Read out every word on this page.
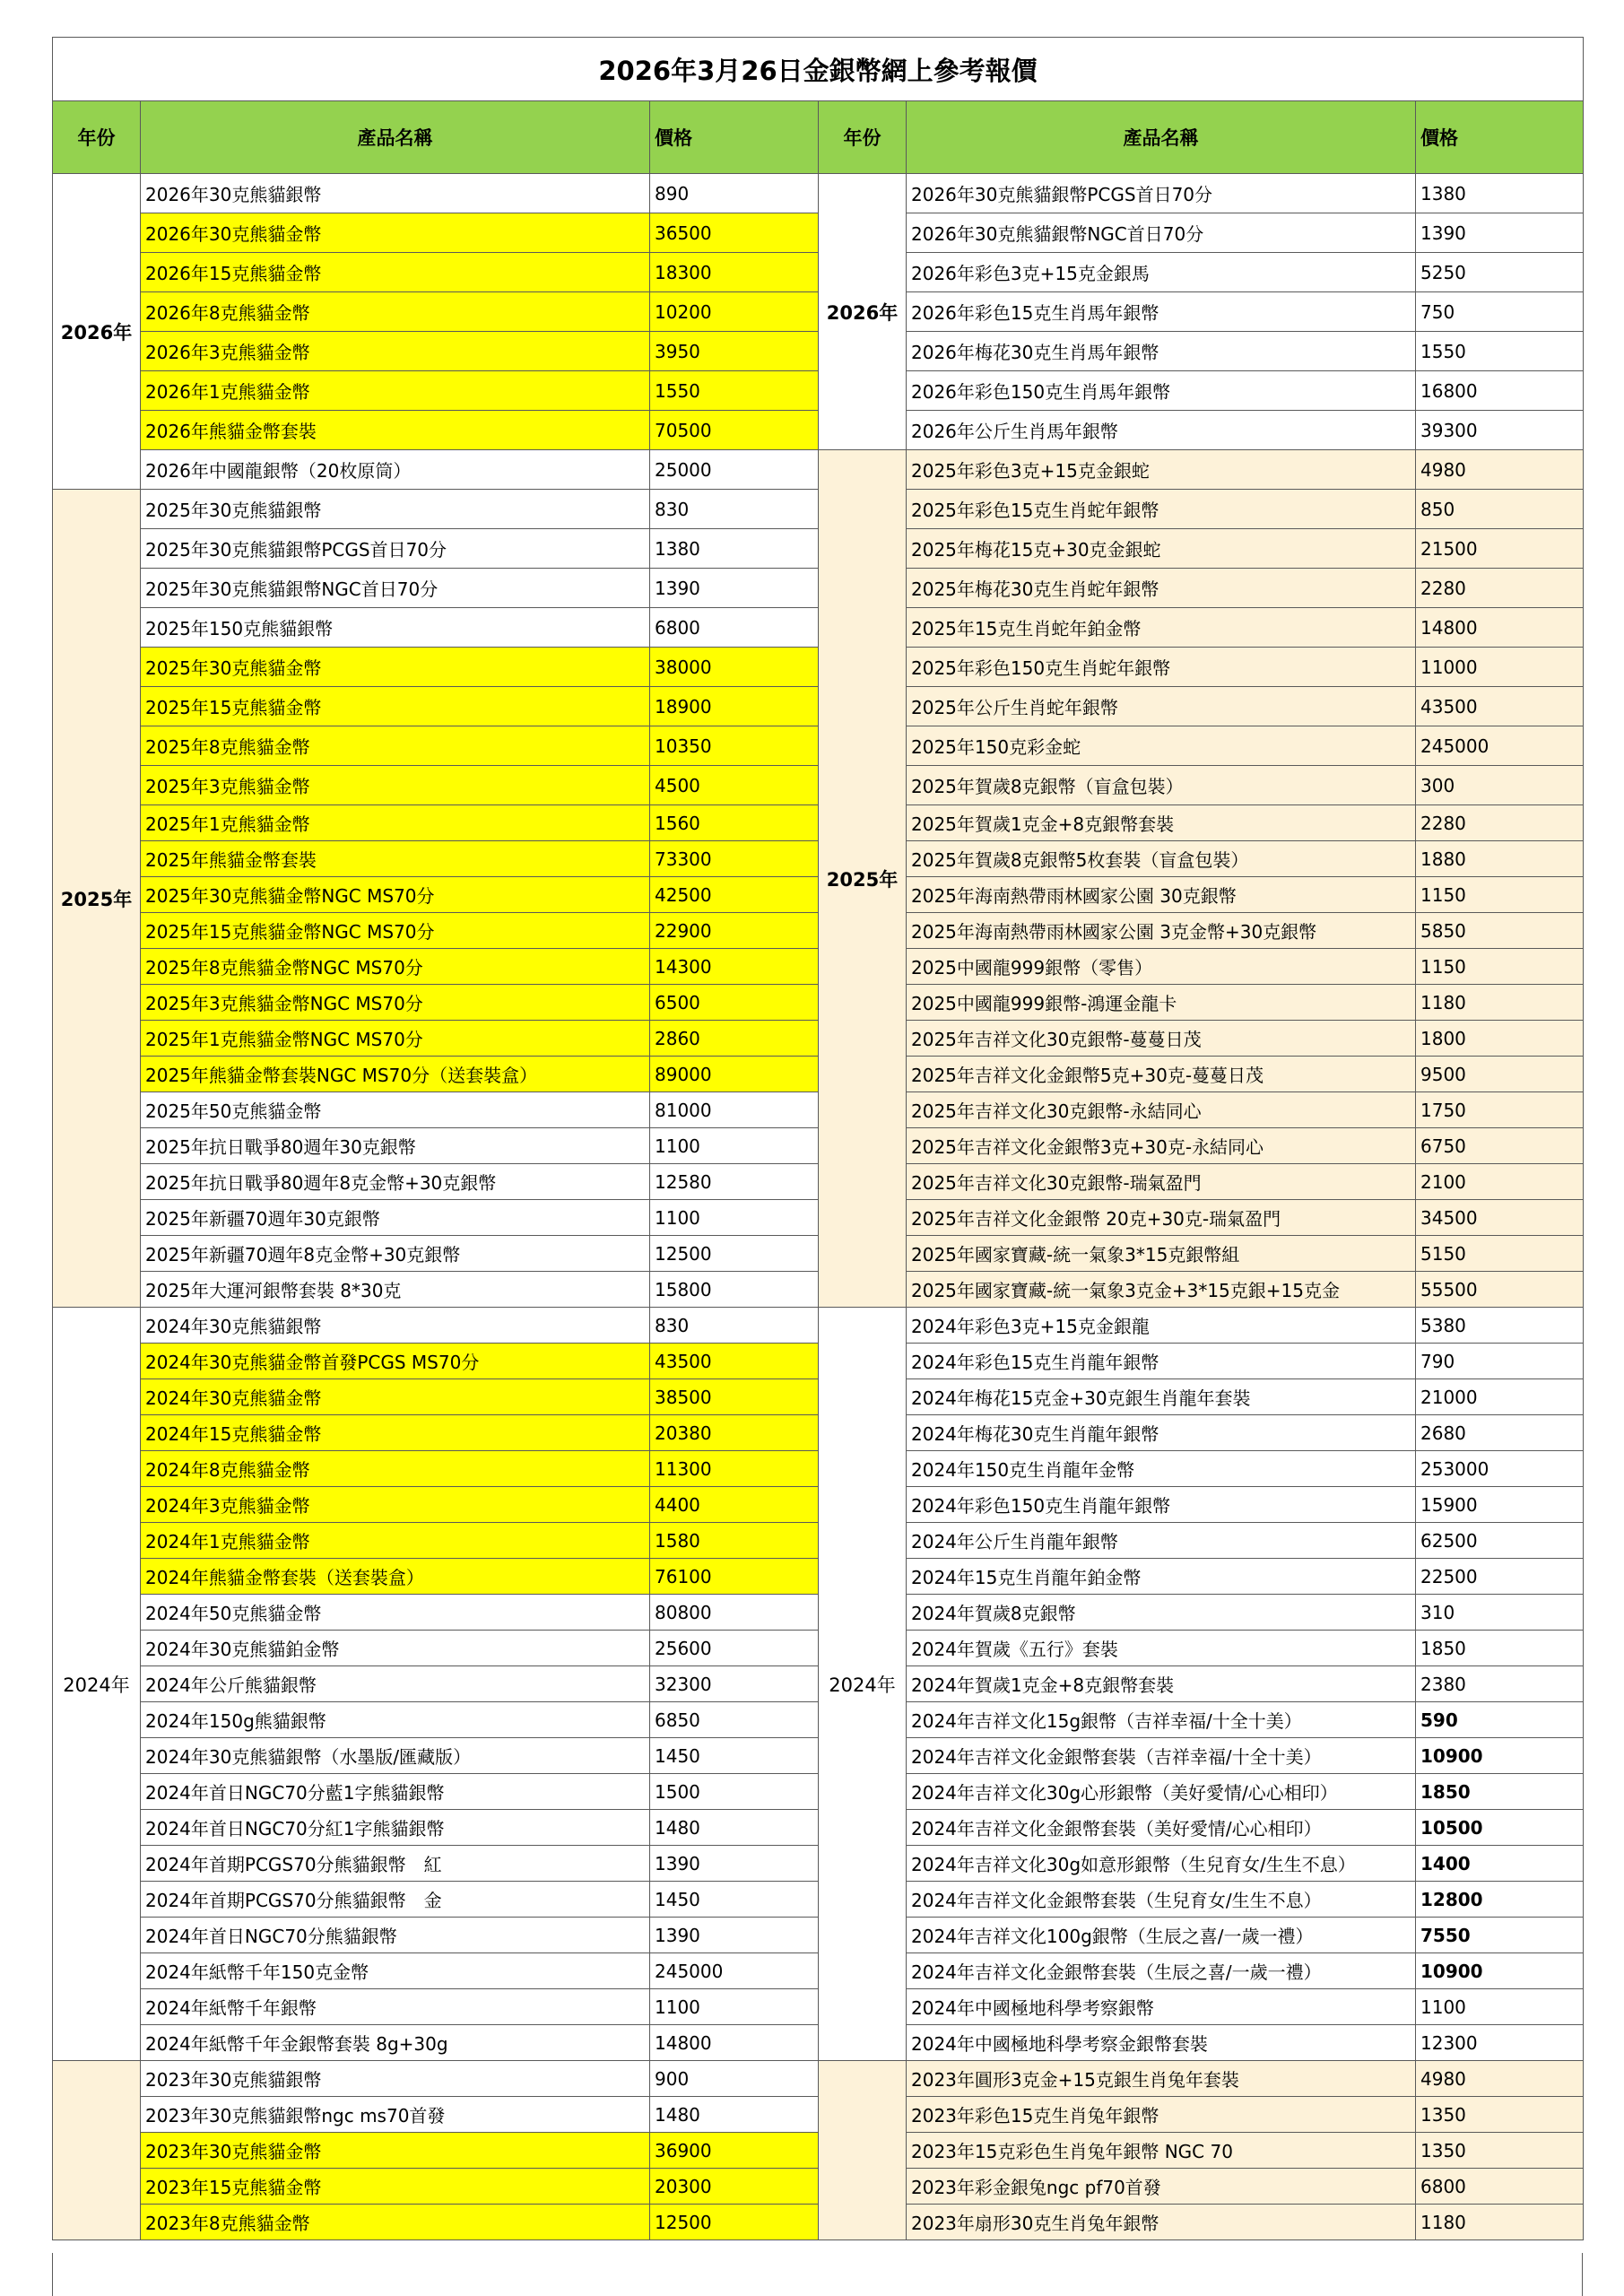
2026年3月26日金銀幣網上參考報價					
年份	產品名稱	價格	年份	產品名稱	價格
2026年	2026年30克熊貓銀幣	890	2026年	2026年30克熊貓銀幣PCGS首日70分	1380
	2026年30克熊貓金幣	36500		2026年30克熊貓銀幣NGC首日70分	1390
	2026年15克熊貓金幣	18300		2026年彩色3克+15克金銀馬	5250
	2026年8克熊貓金幣	10200		2026年彩色15克生肖馬年銀幣	750
	2026年3克熊貓金幣	3950		2026年梅花30克生肖馬年銀幣	1550
	2026年1克熊貓金幣	1550		2026年彩色150克生肖馬年銀幣	16800
	2026年熊貓金幣套裝	70500		2026年公斤生肖馬年銀幣	39300
	2026年中國龍銀幣（20枚原筒）	25000	2025年	2025年彩色3克+15克金銀蛇	4980
2025年	2025年30克熊貓銀幣	830		2025年彩色15克生肖蛇年銀幣	850
	2025年30克熊貓銀幣PCGS首日70分	1380		2025年梅花15克+30克金銀蛇	21500
	2025年30克熊貓銀幣NGC首日70分	1390		2025年梅花30克生肖蛇年銀幣	2280
	2025年150克熊貓銀幣	6800		2025年15克生肖蛇年鉑金幣	14800
	2025年30克熊貓金幣	38000		2025年彩色150克生肖蛇年銀幣	11000
	2025年15克熊貓金幣	18900		2025年公斤生肖蛇年銀幣	43500
	2025年8克熊貓金幣	10350		2025年150克彩金蛇	245000
	2025年3克熊貓金幣	4500		2025年賀歲8克銀幣（盲盒包裝）	300
	2025年1克熊貓金幣	1560		2025年賀歲1克金+8克銀幣套裝	2280
	2025年熊貓金幣套裝	73300		2025年賀歲8克銀幣5枚套裝（盲盒包裝）	1880
	2025年30克熊貓金幣NGC MS70分	42500		2025年海南熱帶雨林國家公園 30克銀幣	1150
	2025年15克熊貓金幣NGC MS70分	22900		2025年海南熱帶雨林國家公園 3克金幣+30克銀幣	5850
	2025年8克熊貓金幣NGC MS70分	14300		2025中國龍999銀幣（零售）	1150
	2025年3克熊貓金幣NGC MS70分	6500		2025中國龍999銀幣-鴻運金龍卡	1180
	2025年1克熊貓金幣NGC MS70分	2860		2025年吉祥文化30克銀幣-蔓蔓日茂	1800
	2025年熊貓金幣套裝NGC MS70分（送套裝盒）	89000		2025年吉祥文化金銀幣5克+30克-蔓蔓日茂	9500
	2025年50克熊貓金幣	81000		2025年吉祥文化30克銀幣-永結同心	1750
	2025年抗日戰爭80週年30克銀幣	1100		2025年吉祥文化金銀幣3克+30克-永結同心	6750
	2025年抗日戰爭80週年8克金幣+30克銀幣	12580		2025年吉祥文化30克銀幣-瑞氣盈門	2100
	2025年新疆70週年30克銀幣	1100		2025年吉祥文化金銀幣 20克+30克-瑞氣盈門	34500
	2025年新疆70週年8克金幣+30克銀幣	12500		2025年國家寶藏-統一氣象3*15克銀幣組	5150
	2025年大運河銀幣套裝 8*30克	15800		2025年國家寶藏-統一氣象3克金+3*15克銀+15克金	55500
2024年	2024年30克熊貓銀幣	830	2024年	2024年彩色3克+15克金銀龍	5380
	2024年30克熊貓金幣首發PCGS MS70分	43500		2024年彩色15克生肖龍年銀幣	790
	2024年30克熊貓金幣	38500		2024年梅花15克金+30克銀生肖龍年套裝	21000
	2024年15克熊貓金幣	20380		2024年梅花30克生肖龍年銀幣	2680
	2024年8克熊貓金幣	11300		2024年150克生肖龍年金幣	253000
	2024年3克熊貓金幣	4400		2024年彩色150克生肖龍年銀幣	15900
	2024年1克熊貓金幣	1580		2024年公斤生肖龍年銀幣	62500
	2024年熊貓金幣套裝（送套裝盒）	76100		2024年15克生肖龍年鉑金幣	22500
	2024年50克熊貓金幣	80800		2024年賀歲8克銀幣	310
	2024年30克熊貓鉑金幣	25600		2024年賀歲《五行》套裝	1850
	2024年公斤熊貓銀幣	32300		2024年賀歲1克金+8克銀幣套裝	2380
	2024年150g熊貓銀幣	6850		2024年吉祥文化15g銀幣（吉祥幸福/十全十美）	590
	2024年30克熊貓銀幣（水墨版/匯藏版）	1450		2024年吉祥文化金銀幣套裝（吉祥幸福/十全十美）	10900
	2024年首日NGC70分藍1字熊貓銀幣	1500		2024年吉祥文化30g心形銀幣（美好愛情/心心相印）	1850
	2024年首日NGC70分紅1字熊貓銀幣	1480		2024年吉祥文化金銀幣套裝（美好愛情/心心相印）	10500
	2024年首期PCGS70分熊貓銀幣　紅	1390		2024年吉祥文化30g如意形銀幣（生兒育女/生生不息）	1400
	2024年首期PCGS70分熊貓銀幣　金	1450		2024年吉祥文化金銀幣套裝（生兒育女/生生不息）	12800
	2024年首日NGC70分熊貓銀幣	1390		2024年吉祥文化100g銀幣（生辰之喜/一歲一禮）	7550
	2024年紙幣千年150克金幣	245000		2024年吉祥文化金銀幣套裝（生辰之喜/一歲一禮）	10900
	2024年紙幣千年銀幣	1100		2024年中國極地科學考察銀幣	1100
	2024年紙幣千年金銀幣套裝 8g+30g	14800		2024年中國極地科學考察金銀幣套裝	12300
	2023年30克熊貓銀幣	900		2023年圓形3克金+15克銀生肖兔年套裝	4980
	2023年30克熊貓銀幣ngc ms70首發	1480		2023年彩色15克生肖兔年銀幣	1350
	2023年30克熊貓金幣	36900		2023年15克彩色生肖兔年銀幣 NGC 70	1350
	2023年15克熊貓金幣	20300		2023年彩金銀兔ngc pf70首發	6800
	2023年8克熊貓金幣	12500		2023年扇形30克生肖兔年銀幣	1180
